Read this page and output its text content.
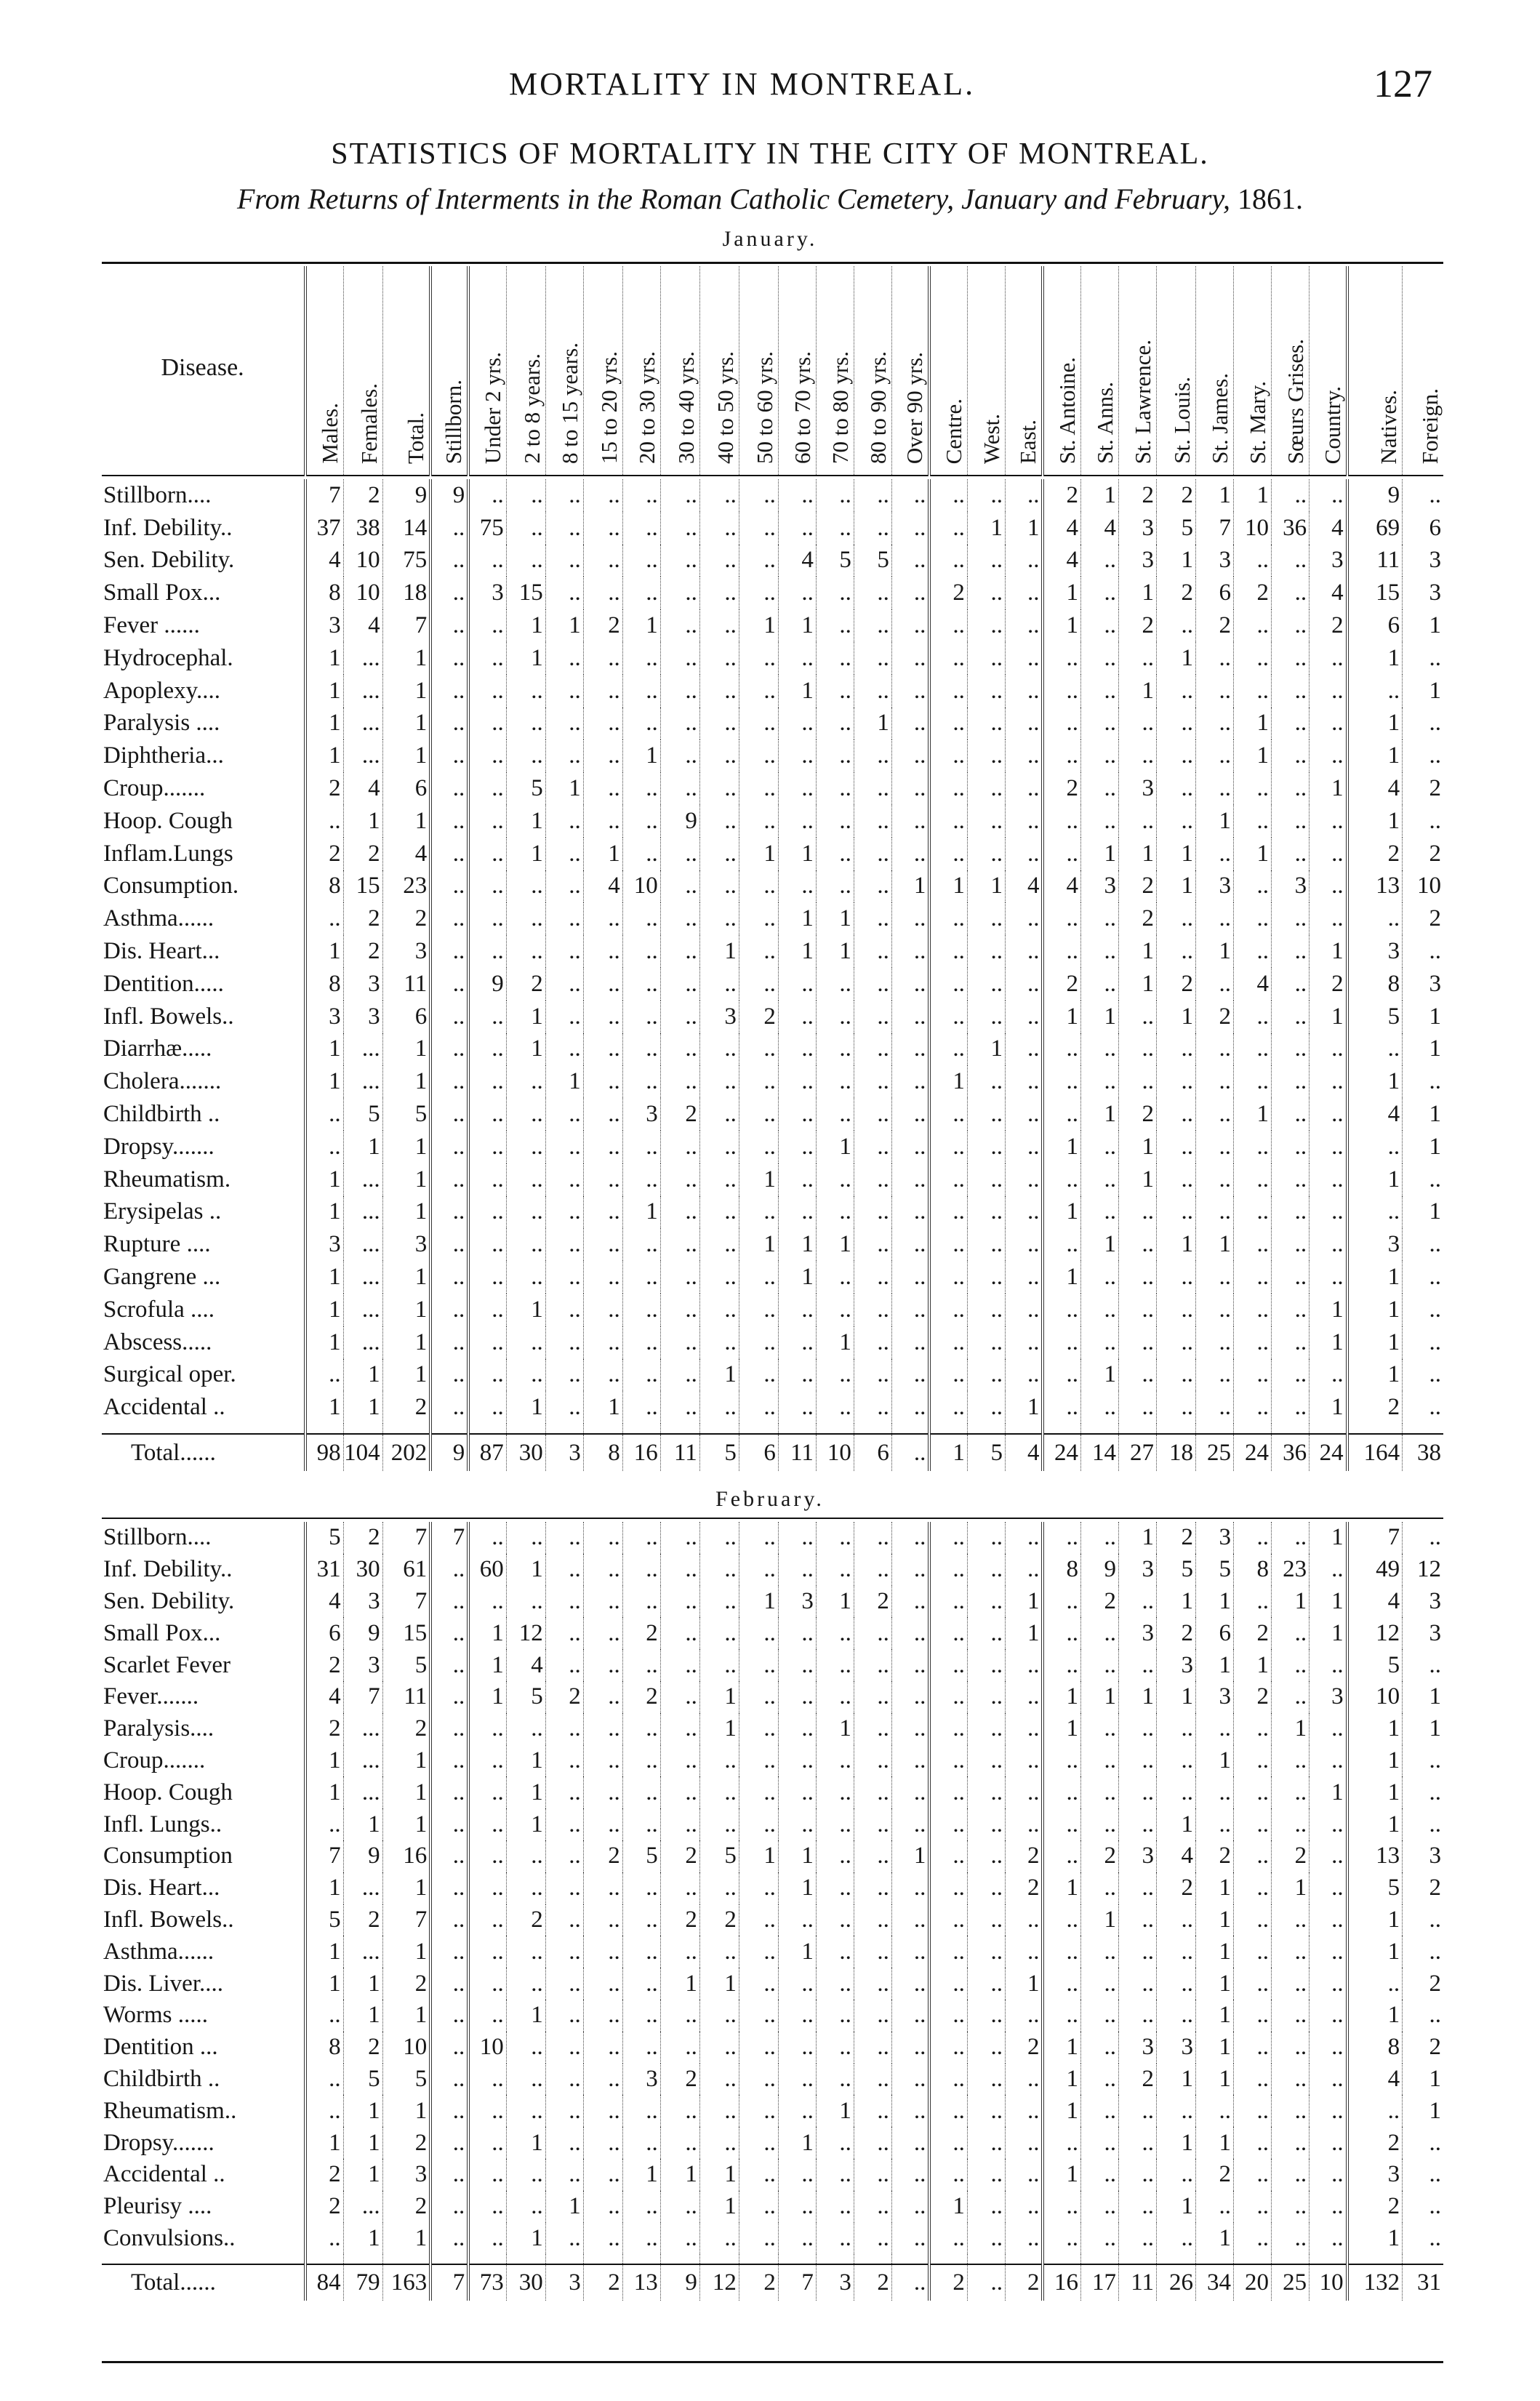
MORTALITY IN MONTREAL.	127
STATISTICS OF MORTALITY IN THE CITY OF MONTREAL.
From Returns of Interments in the Roman Catholic Cemetery, January and February, 1861.
January.
Disease.	Males.	Females.	Total.	Stillborn.	Under 2 yrs.	2 to 8 years.	8 to 15 years.	15 to 20 yrs.	20 to 30 yrs.	30 to 40 yrs.	40 to 50 yrs.	50 to 60 yrs.	60 to 70 yrs.	70 to 80 yrs.	80 to 90 yrs.	Over 90 yrs.	Centre.	West.	East.	St. Antoine.	St. Anns.	St. Lawrence.	St. Louis.	St. James.	St. Mary.	Sœurs Grises.	Country.	Natives.	Foreign.

Stillborn....	7	2	9	9	..	..	..	..	..	..	..	..	..	..	..	..	..	..	..	2	1	2	2	1	1	..	..	9	..
Inf. Debility..	37	38	14	..	75	..	..	..	..	..	..	..	..	..	..	..	..	1	1	4	4	3	5	7	10	36	4	69	6
Sen. Debility.	4	10	75	..	..	..	..	..	..	..	..	..	4	5	5	..	..	..	..	4	..	3	1	3	..	..	3	11	3
Small Pox...	8	10	18	..	3	15	..	..	..	..	..	..	..	..	..	..	2	..	..	1	..	1	2	6	2	..	4	15	3
Fever ......	3	4	7	..	..	1	1	2	1	..	..	1	1	..	..	..	..	..	..	1	..	2	..	2	..	..	2	6	1
Hydrocephal.	1	...	1	..	..	1	..	..	..	..	..	..	..	..	..	..	..	..	..	..	..	..	1	..	..	..	..	1	..
Apoplexy....	1	...	1	..	..	..	..	..	..	..	..	..	1	..	..	..	..	..	..	..	..	1	..	..	..	..	..	..	1
Paralysis ....	1	...	1	..	..	..	..	..	..	..	..	..	..	..	1	..	..	..	..	..	..	..	..	..	1	..	..	1	..
Diphtheria...	1	...	1	..	..	..	..	..	1	..	..	..	..	..	..	..	..	..	..	..	..	..	..	..	1	..	..	1	..
Croup.......	2	4	6	..	..	5	1	..	..	..	..	..	..	..	..	..	..	..	..	2	..	3	..	..	..	..	1	4	2
Hoop. Cough	..	1	1	..	..	1	..	..	..	9	..	..	..	..	..	..	..	..	..	..	..	..	..	1	..	..	..	1	..
Inflam.Lungs	2	2	4	..	..	1	..	1	..	..	..	1	1	..	..	..	..	..	..	..	1	1	1	..	1	..	..	2	2
Consumption.	8	15	23	..	..	..	..	4	10	..	..	..	..	..	..	1	1	1	4	4	3	2	1	3	..	3	..	13	10
Asthma......	..	2	2	..	..	..	..	..	..	..	..	..	1	1	..	..	..	..	..	..	..	2	..	..	..	..	..	..	2
Dis. Heart...	1	2	3	..	..	..	..	..	..	..	1	..	1	1	..	..	..	..	..	..	..	1	..	1	..	..	1	3	..
Dentition.....	8	3	11	..	9	2	..	..	..	..	..	..	..	..	..	..	..	..	..	2	..	1	2	..	4	..	2	8	3
Infl. Bowels..	3	3	6	..	..	1	..	..	..	..	3	2	..	..	..	..	..	..	..	1	1	..	1	2	..	..	1	5	1
Diarrhæ.....	1	...	1	..	..	1	..	..	..	..	..	..	..	..	..	..	..	1	..	..	..	..	..	..	..	..	..	..	1
Cholera.......	1	...	1	..	..	..	1	..	..	..	..	..	..	..	..	..	1	..	..	..	..	..	..	..	..	..	..	1	..
Childbirth ..	..	5	5	..	..	..	..	..	3	2	..	..	..	..	..	..	..	..	..	..	1	2	..	..	1	..	..	4	1
Dropsy.......	..	1	1	..	..	..	..	..	..	..	..	..	..	1	..	..	..	..	..	1	..	1	..	..	..	..	..	..	1
Rheumatism.	1	...	1	..	..	..	..	..	..	..	..	1	..	..	..	..	..	..	..	..	..	1	..	..	..	..	..	1	..
Erysipelas ..	1	...	1	..	..	..	..	..	1	..	..	..	..	..	..	..	..	..	..	1	..	..	..	..	..	..	..	..	1
Rupture ....	3	...	3	..	..	..	..	..	..	..	..	1	1	1	..	..	..	..	..	..	1	..	1	1	..	..	..	3	..
Gangrene ...	1	...	1	..	..	..	..	..	..	..	..	..	1	..	..	..	..	..	..	1	..	..	..	..	..	..	..	1	..
Scrofula ....	1	...	1	..	..	1	..	..	..	..	..	..	..	..	..	..	..	..	..	..	..	..	..	..	..	..	1	1	..
Abscess.....	1	...	1	..	..	..	..	..	..	..	..	..	..	1	..	..	..	..	..	..	..	..	..	..	..	..	1	1	..
Surgical oper.	..	1	1	..	..	..	..	..	..	..	1	..	..	..	..	..	..	..	..	..	1	..	..	..	..	..	..	1	..
Accidental ..	1	1	2	..	..	1	..	1	..	..	..	..	..	..	..	..	..	..	1	..	..	..	..	..	..	..	1	2	..

Total......	98	104	202	9	87	30	3	8	16	11	5	6	11	10	6	..	1	5	4	24	14	27	18	25	24	36	24	164	38
February.
Stillborn....	5	2	7	7	..	..	..	..	..	..	..	..	..	..	..	..	..	..	..	..	..	1	2	3	..	..	1	7	..
Inf. Debility..	31	30	61	..	60	1	..	..	..	..	..	..	..	..	..	..	..	..	..	8	9	3	5	5	8	23	..	49	12
Sen. Debility.	4	3	7	..	..	..	..	..	..	..	..	1	3	1	2	..	..	..	1	..	2	..	1	1	..	1	1	4	3
Small Pox...	6	9	15	..	1	12	..	..	2	..	..	..	..	..	..	..	..	..	1	..	..	3	2	6	2	..	1	12	3
Scarlet Fever	2	3	5	..	1	4	..	..	..	..	..	..	..	..	..	..	..	..	..	..	..	..	3	1	1	..	..	5	..
Fever.......	4	7	11	..	1	5	2	..	2	..	1	..	..	..	..	..	..	..	..	1	1	1	1	3	2	..	3	10	1
Paralysis....	2	...	2	..	..	..	..	..	..	..	1	..	..	1	..	..	..	..	..	1	..	..	..	..	..	1	..	1	1
Croup.......	1	...	1	..	..	1	..	..	..	..	..	..	..	..	..	..	..	..	..	..	..	..	..	1	..	..	..	1	..
Hoop. Cough	1	...	1	..	..	1	..	..	..	..	..	..	..	..	..	..	..	..	..	..	..	..	..	..	..	..	1	1	..
Infl. Lungs..	..	1	1	..	..	1	..	..	..	..	..	..	..	..	..	..	..	..	..	..	..	..	1	..	..	..	..	1	..
Consumption	7	9	16	..	..	..	..	2	5	2	5	1	1	..	..	1	..	..	2	..	2	3	4	2	..	2	..	13	3
Dis. Heart...	1	...	1	..	..	..	..	..	..	..	..	..	1	..	..	..	..	..	2	1	..	..	2	1	..	1	..	5	2
Infl. Bowels..	5	2	7	..	..	2	..	..	..	2	2	..	..	..	..	..	..	..	..	..	1	..	..	1	..	..	..	1	..
Asthma......	1	...	1	..	..	..	..	..	..	..	..	..	1	..	..	..	..	..	..	..	..	..	..	1	..	..	..	1	..
Dis. Liver....	1	1	2	..	..	..	..	..	..	1	1	..	..	..	..	..	..	..	1	..	..	..	..	1	..	..	..	..	2
Worms .....	..	1	1	..	..	1	..	..	..	..	..	..	..	..	..	..	..	..	..	..	..	..	..	1	..	..	..	1	..
Dentition ...	8	2	10	..	10	..	..	..	..	..	..	..	..	..	..	..	..	..	2	1	..	3	3	1	..	..	..	8	2
Childbirth ..	..	5	5	..	..	..	..	..	3	2	..	..	..	..	..	..	..	..	..	1	..	2	1	1	..	..	..	4	1
Rheumatism..	..	1	1	..	..	..	..	..	..	..	..	..	..	1	..	..	..	..	..	1	..	..	..	..	..	..	..	..	1
Dropsy.......	1	1	2	..	..	1	..	..	..	..	..	..	1	..	..	..	..	..	..	..	..	..	1	1	..	..	..	2	..
Accidental ..	2	1	3	..	..	..	..	..	1	1	1	..	..	..	..	..	..	..	..	1	..	..	..	2	..	..	..	3	..
Pleurisy ....	2	...	2	..	..	..	1	..	..	..	1	..	..	..	..	..	1	..	..	..	..	..	1	..	..	..	..	2	..
Convulsions..	..	1	1	..	..	1	..	..	..	..	..	..	..	..	..	..	..	..	..	..	..	..	..	1	..	..	..	1	..

Total......	84	79	163	7	73	30	3	2	13	9	12	2	7	3	2	..	2	..	2	16	17	11	26	34	20	25	10	132	31
